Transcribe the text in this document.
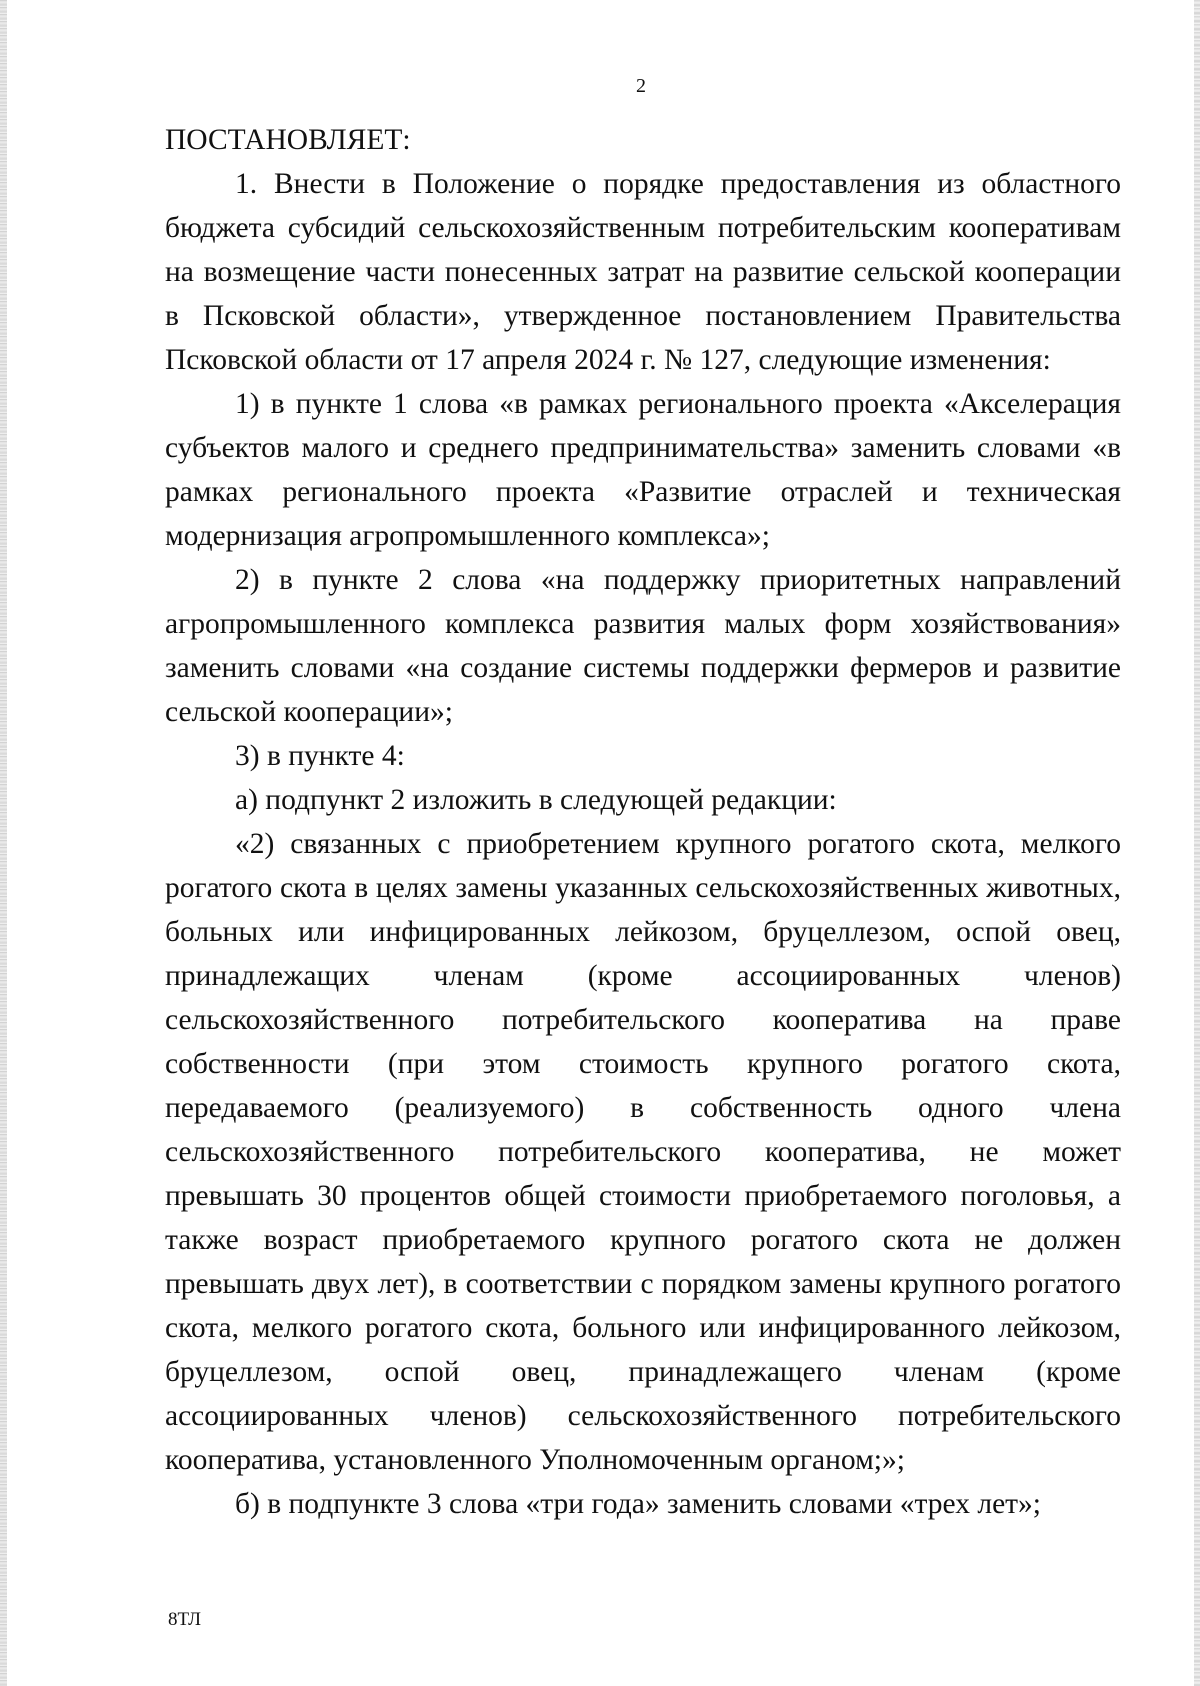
2

ПОСТАНОВЛЯЕТ:

1. Внести в Положение о порядке предоставления из областного бюджета субсидий сельскохозяйственным потребительским кооперативам на возмещение части понесенных затрат на развитие сельской кооперации в Псковской области», утвержденное постановлением Правительства Псковской области от 17 апреля 2024 г. № 127, следующие изменения:

1) в пункте 1 слова «в рамках регионального проекта «Акселерация субъектов малого и среднего предпринимательства» заменить словами «в рамках регионального проекта «Развитие отраслей и техническая модернизация агропромышленного комплекса»;

2) в пункте 2 слова «на поддержку приоритетных направлений агропромышленного комплекса развития малых форм хозяйствования» заменить словами «на создание системы поддержки фермеров и развитие сельской кооперации»;

3) в пункте 4:

а) подпункт 2 изложить в следующей редакции:

«2) связанных с приобретением крупного рогатого скота, мелкого рогатого скота в целях замены указанных сельскохозяйственных животных, больных или инфицированных лейкозом, бруцеллезом, оспой овец, принадлежащих членам (кроме ассоциированных членов) сельскохозяйственного потребительского кооператива на праве собственности (при этом стоимость крупного рогатого скота, передаваемого (реализуемого) в собственность одного члена сельскохозяйственного потребительского кооператива, не может превышать 30 процентов общей стоимости приобретаемого поголовья, а также возраст приобретаемого крупного рогатого скота не должен превышать двух лет), в соответствии с порядком замены крупного рогатого скота, мелкого рогатого скота, больного или инфицированного лейкозом, бруцеллезом, оспой овец, принадлежащего членам (кроме ассоциированных членов) сельскохозяйственного потребительского кооператива, установленного Уполномоченным органом;»;

б) в подпункте 3 слова «три года» заменить словами «трех лет»;

8ТЛ
